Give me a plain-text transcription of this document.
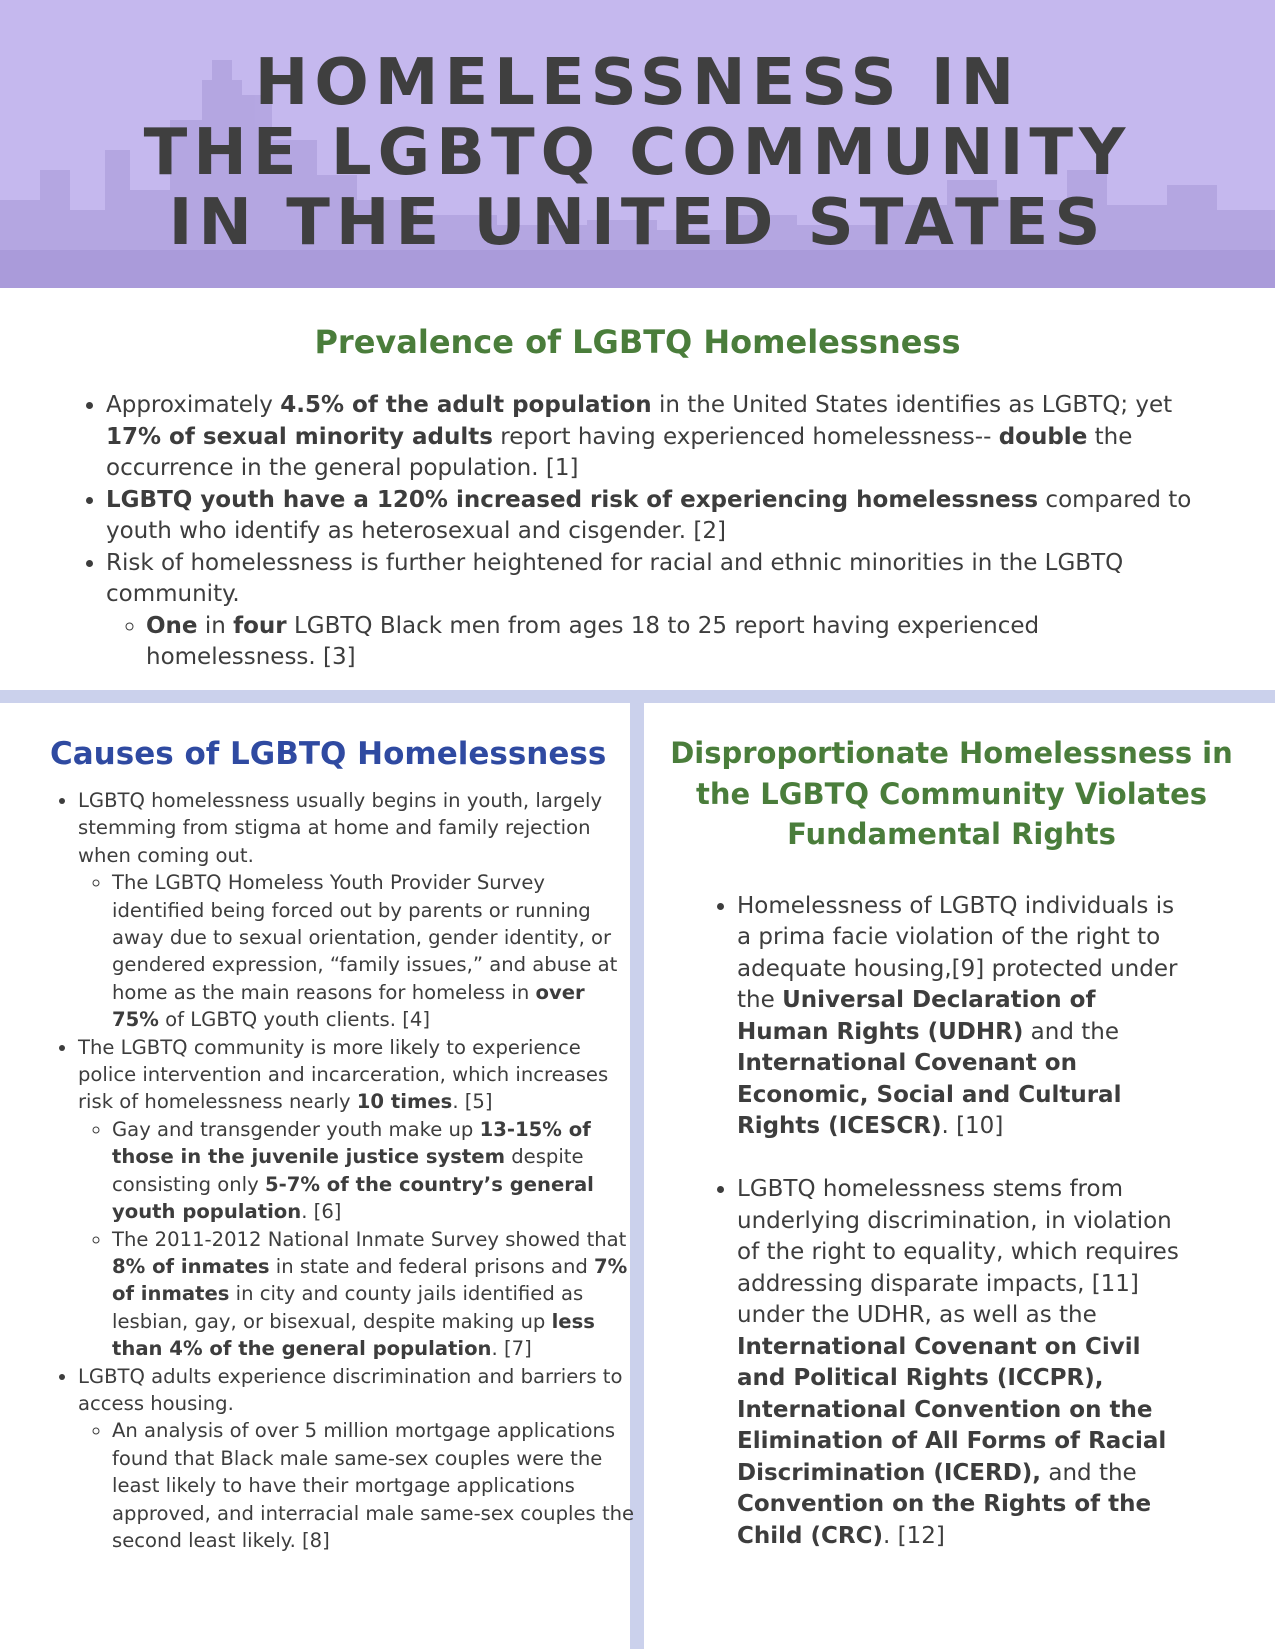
HOMELESSNESS IN
THE LGBTQ COMMUNITY
IN THE UNITED STATES
Prevalence of LGBTQ Homelessness
• Approximately 4.5% of the adult population in the United States identifies as LGBTQ; yet 17% of sexual minority adults report having experienced homelessness-- double the occurrence in the general population. [1]
• LGBTQ youth have a 120% increased risk of experiencing homelessness compared to youth who identify as heterosexual and cisgender. [2]
• Risk of homelessness is further heightened for racial and ethnic minorities in the LGBTQ community.
◦ One in four LGBTQ Black men from ages 18 to 25 report having experienced homelessness. [3]
Causes of LGBTQ Homelessness
• LGBTQ homelessness usually begins in youth, largely stemming from stigma at home and family rejection when coming out.
◦ The LGBTQ Homeless Youth Provider Survey identified being forced out by parents or running away due to sexual orientation, gender identity, or gendered expression, “family issues,” and abuse at home as the main reasons for homeless in over 75% of LGBTQ youth clients. [4]
• The LGBTQ community is more likely to experience police intervention and incarceration, which increases risk of homelessness nearly 10 times. [5]
◦ Gay and transgender youth make up 13-15% of those in the juvenile justice system despite consisting only 5-7% of the country’s general youth population. [6]
◦ The 2011-2012 National Inmate Survey showed that 8% of inmates in state and federal prisons and 7% of inmates in city and county jails identified as lesbian, gay, or bisexual, despite making up less than 4% of the general population. [7]
• LGBTQ adults experience discrimination and barriers to access housing.
◦ An analysis of over 5 million mortgage applications found that Black male same-sex couples were the least likely to have their mortgage applications approved, and interracial male same-sex couples the second least likely. [8]
Disproportionate Homelessness in the LGBTQ Community Violates Fundamental Rights
• Homelessness of LGBTQ individuals is a prima facie violation of the right to adequate housing,[9] protected under the Universal Declaration of Human Rights (UDHR) and the International Covenant on Economic, Social and Cultural Rights (ICESCR). [10]
• LGBTQ homelessness stems from underlying discrimination, in violation of the right to equality, which requires addressing disparate impacts, [11] under the UDHR, as well as the International Covenant on Civil and Political Rights (ICCPR), International Convention on the Elimination of All Forms of Racial Discrimination (ICERD), and the Convention on the Rights of the Child (CRC). [12]
